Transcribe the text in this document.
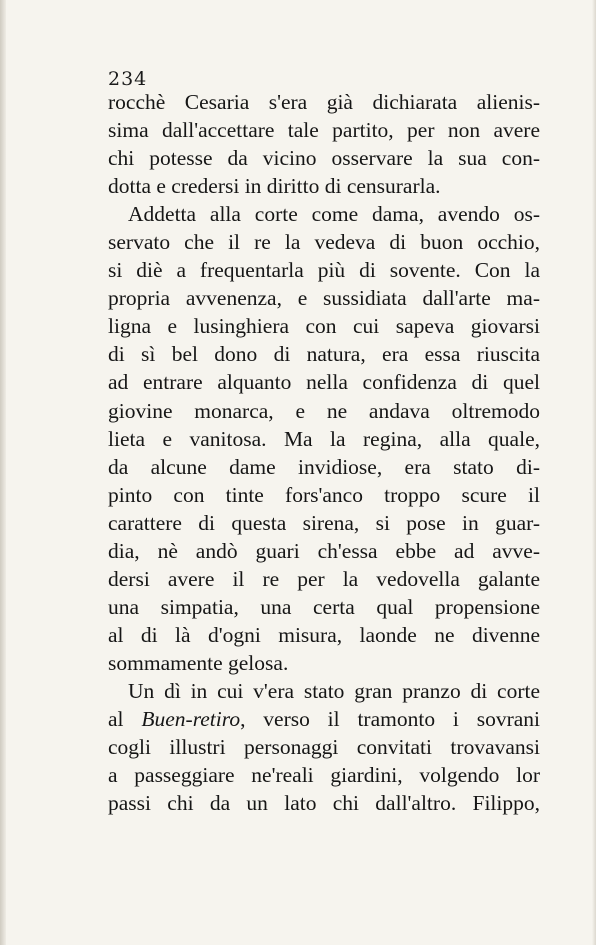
234
rocchè Cesaria s'era già dichiarata alienis-
sima dall'accettare tale partito, per non avere
chi potesse da vicino osservare la sua con-
dotta e credersi in diritto di censurarla.
Addetta alla corte come dama, avendo os-
servato che il re la vedeva di buon occhio,
si diè a frequentarla più di sovente. Con la
propria avvenenza, e sussidiata dall'arte ma-
ligna e lusinghiera con cui sapeva giovarsi
di sì bel dono di natura, era essa riuscita
ad entrare alquanto nella confidenza di quel
giovine monarca, e ne andava oltremodo
lieta e vanitosa. Ma la regina, alla quale,
da alcune dame invidiose, era stato di-
pinto con tinte fors'anco troppo scure il
carattere di questa sirena, si pose in guar-
dia, nè andò guari ch'essa ebbe ad avve-
dersi avere il re per la vedovella galante
una simpatia, una certa qual propensione
al di là d'ogni misura, laonde ne divenne
sommamente gelosa.
Un dì in cui v'era stato gran pranzo di corte
al Buen-retiro, verso il tramonto i sovrani
cogli illustri personaggi convitati trovavansi
a passeggiare ne'reali giardini, volgendo lor
passi chi da un lato chi dall'altro. Filippo,
